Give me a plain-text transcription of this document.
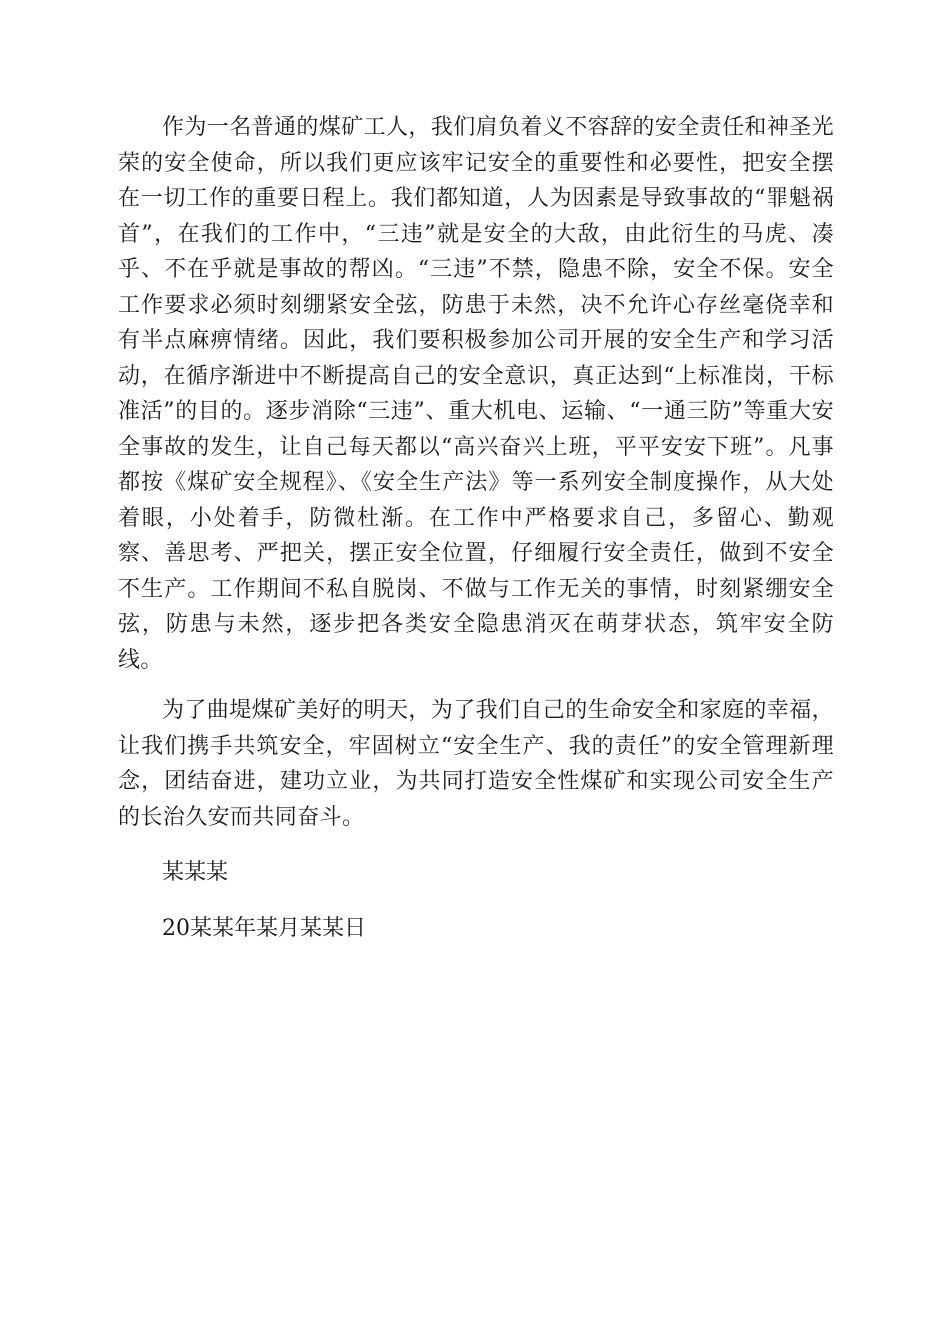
作为一名普通的煤矿工人，我们肩负着义不容辞的安全责任和神圣光荣的安全使命，所以我们更应该牢记安全的重要性和必要性，把安全摆在一切工作的重要日程上。我们都知道，人为因素是导致事故的“罪魁祸首”，在我们的工作中，“三违”就是安全的大敌，由此衍生的马虎、凑乎、不在乎就是事故的帮凶。“三违”不禁，隐患不除，安全不保。安全工作要求必须时刻绷紧安全弦，防患于未然，决不允许心存丝毫侥幸和有半点麻痹情绪。因此，我们要积极参加公司开展的安全生产和学习活动，在循序渐进中不断提高自己的安全意识，真正达到“上标准岗，干标准活”的目的。逐步消除“三违”、重大机电、运输、“一通三防”等重大安全事故的发生，让自己每天都以“高兴奋兴上班，平平安安下班”。凡事都按《煤矿安全规程》、《安全生产法》等一系列安全制度操作，从大处着眼，小处着手，防微杜渐。在工作中严格要求自己，多留心、勤观察、善思考、严把关，摆正安全位置，仔细履行安全责任，做到不安全不生产。工作期间不私自脱岗、不做与工作无关的事情，时刻紧绷安全弦，防患与未然，逐步把各类安全隐患消灭在萌芽状态，筑牢安全防线。

为了曲堤煤矿美好的明天，为了我们自己的生命安全和家庭的幸福，让我们携手共筑安全，牢固树立“安全生产、我的责任”的安全管理新理念，团结奋进，建功立业，为共同打造安全性煤矿和实现公司安全生产的长治久安而共同奋斗。

某某某

20某某年某月某某日
